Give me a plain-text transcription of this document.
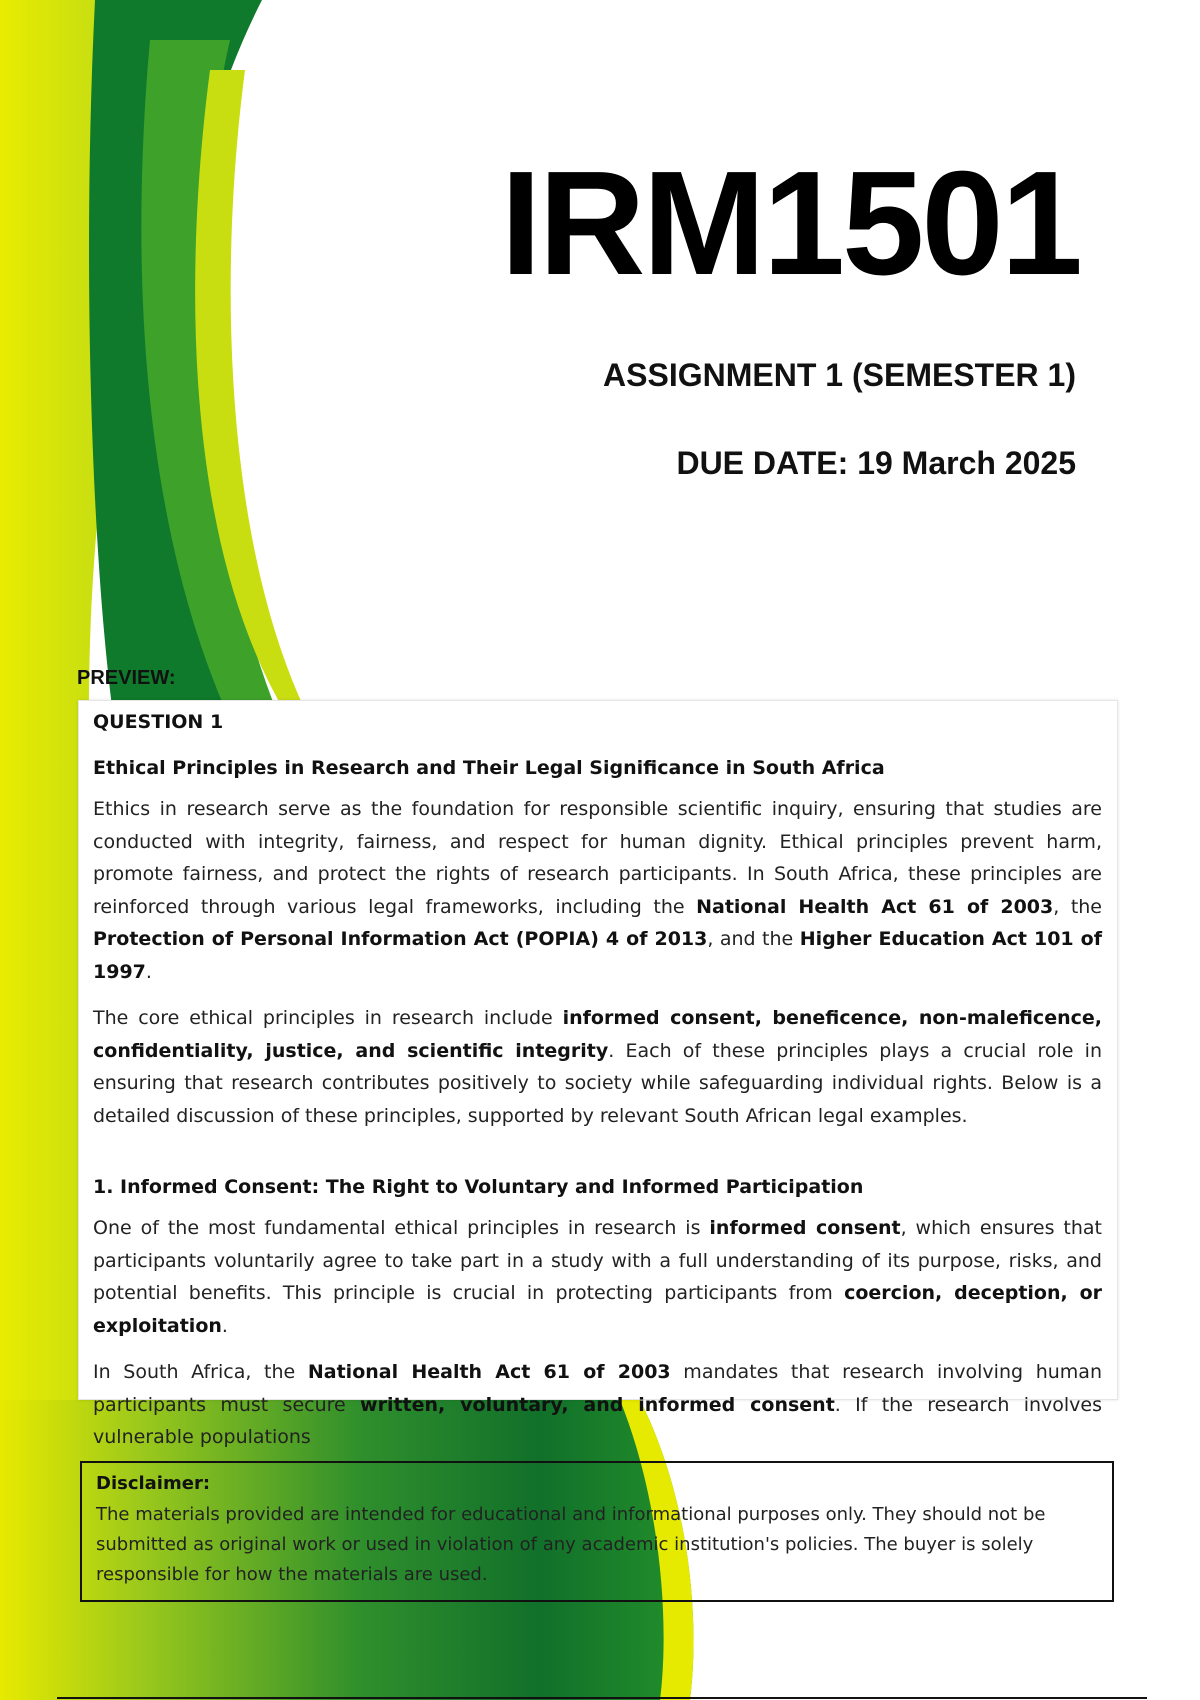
IRM1501
ASSIGNMENT 1 (SEMESTER 1)
DUE DATE: 19 March 2025
PREVIEW:
QUESTION 1
Ethical Principles in Research and Their Legal Significance in South Africa

Ethics in research serve as the foundation for responsible scientific inquiry, ensuring that studies are conducted with integrity, fairness, and respect for human dignity. Ethical principles prevent harm, promote fairness, and protect the rights of research participants. In South Africa, these principles are reinforced through various legal frameworks, including the National Health Act 61 of 2003, the Protection of Personal Information Act (POPIA) 4 of 2013, and the Higher Education Act 101 of 1997.

The core ethical principles in research include informed consent, beneficence, non-maleficence, confidentiality, justice, and scientific integrity. Each of these principles plays a crucial role in ensuring that research contributes positively to society while safeguarding individual rights. Below is a detailed discussion of these principles, supported by relevant South African legal examples.

1. Informed Consent: The Right to Voluntary and Informed Participation

One of the most fundamental ethical principles in research is informed consent, which ensures that participants voluntarily agree to take part in a study with a full understanding of its purpose, risks, and potential benefits. This principle is crucial in protecting participants from coercion, deception, or exploitation.

In South Africa, the National Health Act 61 of 2003 mandates that research involving human participants must secure written, voluntary, and informed consent. If the research involves vulnerable populations

Disclaimer:

The materials provided are intended for educational and informational purposes only. They should not be submitted as original work or used in violation of any academic institution's policies. The buyer is solely responsible for how the materials are used.
